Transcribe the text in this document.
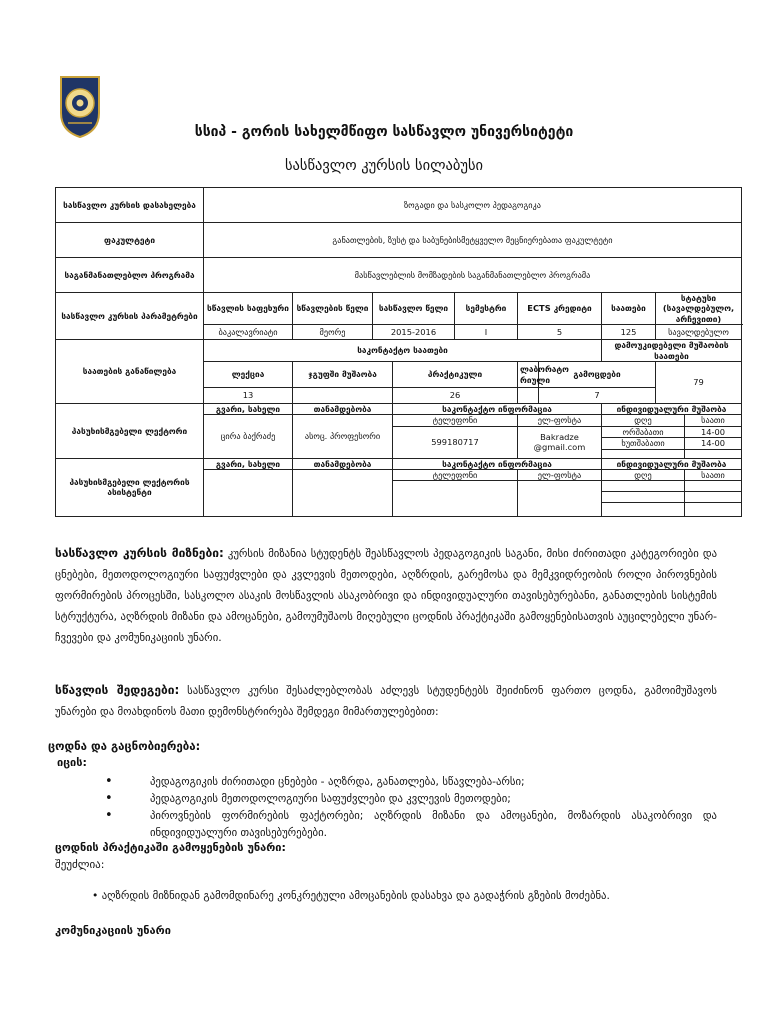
სსიპ - გორის სახელმწიფო სასწავლო უნივერსიტეტი
სასწავლო კურსის სილაბუსი
სასწავლო კურსის დასახელება	ზოგადი და სასკოლო პედაგოგიკა									
ფაკულტეტი	განათლების, ზუსტ და საბუნებისმეტყველო მეცნიერებათა ფაკულტეტი									
საგანმანათლებლო პროგრამა	მასწავლებლის მომზადების საგანმანათლებლო პროგრამა									
სასწავლო კურსის პარამეტრები	სწავლის საფეხური	სწავლების წელი	სასწავლო წელი		სემესტრი	ECTS კრედიტი		საათები	სტატუსი (სავალდებულო, არჩევითი)	
	ბაკალავრიატი	მეორე	2015-2016		I	5		125	სავალდებულო	
საათების განაწილება	საკონტაქტო საათები							დამოუკიდებელი მუშაობის საათები		
	ლექცია	ჯგუფში მუშაობა		პრაქტიკული		ლაბორატო რიული	გამოცდები		79	
	13			26			7			
პასუხისმგებელი ლექტორი	გვარი, სახელი	თანამდებობა		საკონტაქტო ინფორმაცია				ინდივიდუალური მუშაობა		
	ცირა ბაქრაძე	ასოც. პროფესორი		ტელეფონი		ელ-ფოსტა		დღე		საათი
				599180717		Bakradze @gmail.com		ორშაბათი		14-00
								ხუთშაბათი		14-00

პასუხისმგებელი ლექტორის ასისტენტი	გვარი, სახელი	თანამდებობა		საკონტაქტო ინფორმაცია				ინდივიდუალური მუშაობა		
				ტელეფონი		ელ-ფოსტა		დღე		საათი

სასწავლო კურსის მიზნები: კურსის მიზანია სტუდენტს შეასწავლოს პედაგოგიკის საგანი, მისი ძირითადი კატეგორიები და ცნებები, მეთოდოლოგიური საფუძვლები და კვლევის მეთოდები, აღზრდის, გარემოსა და მემკვიდრეობის როლი პიროვნების ფორმირების პროცესში, სასკოლო ასაკის მოსწავლის ასაკობრივი და ინდივიდუალური თავისებურებანი, განათლების სისტემის სტრუქტურა, აღზრდის მიზანი და ამოცანები, გამოუმუშაოს მიღებული ცოდნის პრაქტიკაში გამოყენებისათვის აუცილებელი უნარ-ჩვევები და კომუნიკაციის უნარი.
სწავლის შედეგები: სასწავლო კურსი შესაძლებლობას აძლევს სტუდენტებს შეიძინონ ფართო ცოდნა, გამოიმუშავოს უნარები და მოახდინოს მათი დემონსტრირება შემდეგი მიმართულებებით:
ცოდნა და გაცნობიერება:
იცის:
• პედაგოგიკის ძირითადი ცნებები - აღზრდა, განათლება, სწავლება-არსი;
• პედაგოგიკის მეთოდოლოგიური საფუძვლები და კვლევის მეთოდები;
• პიროვნების ფორმირების ფაქტორები; აღზრდის მიზანი და ამოცანები, მოზარდის ასაკობრივი და ინდივიდუალური თავისებურებები.
ცოდნის პრაქტიკაში გამოყენების უნარი:
შეუძლია:
• აღზრდის მიზნიდან გამომდინარე კონკრეტული ამოცანების დასახვა და გადაჭრის გზების მოძებნა.
კომუნიკაციის უნარი
